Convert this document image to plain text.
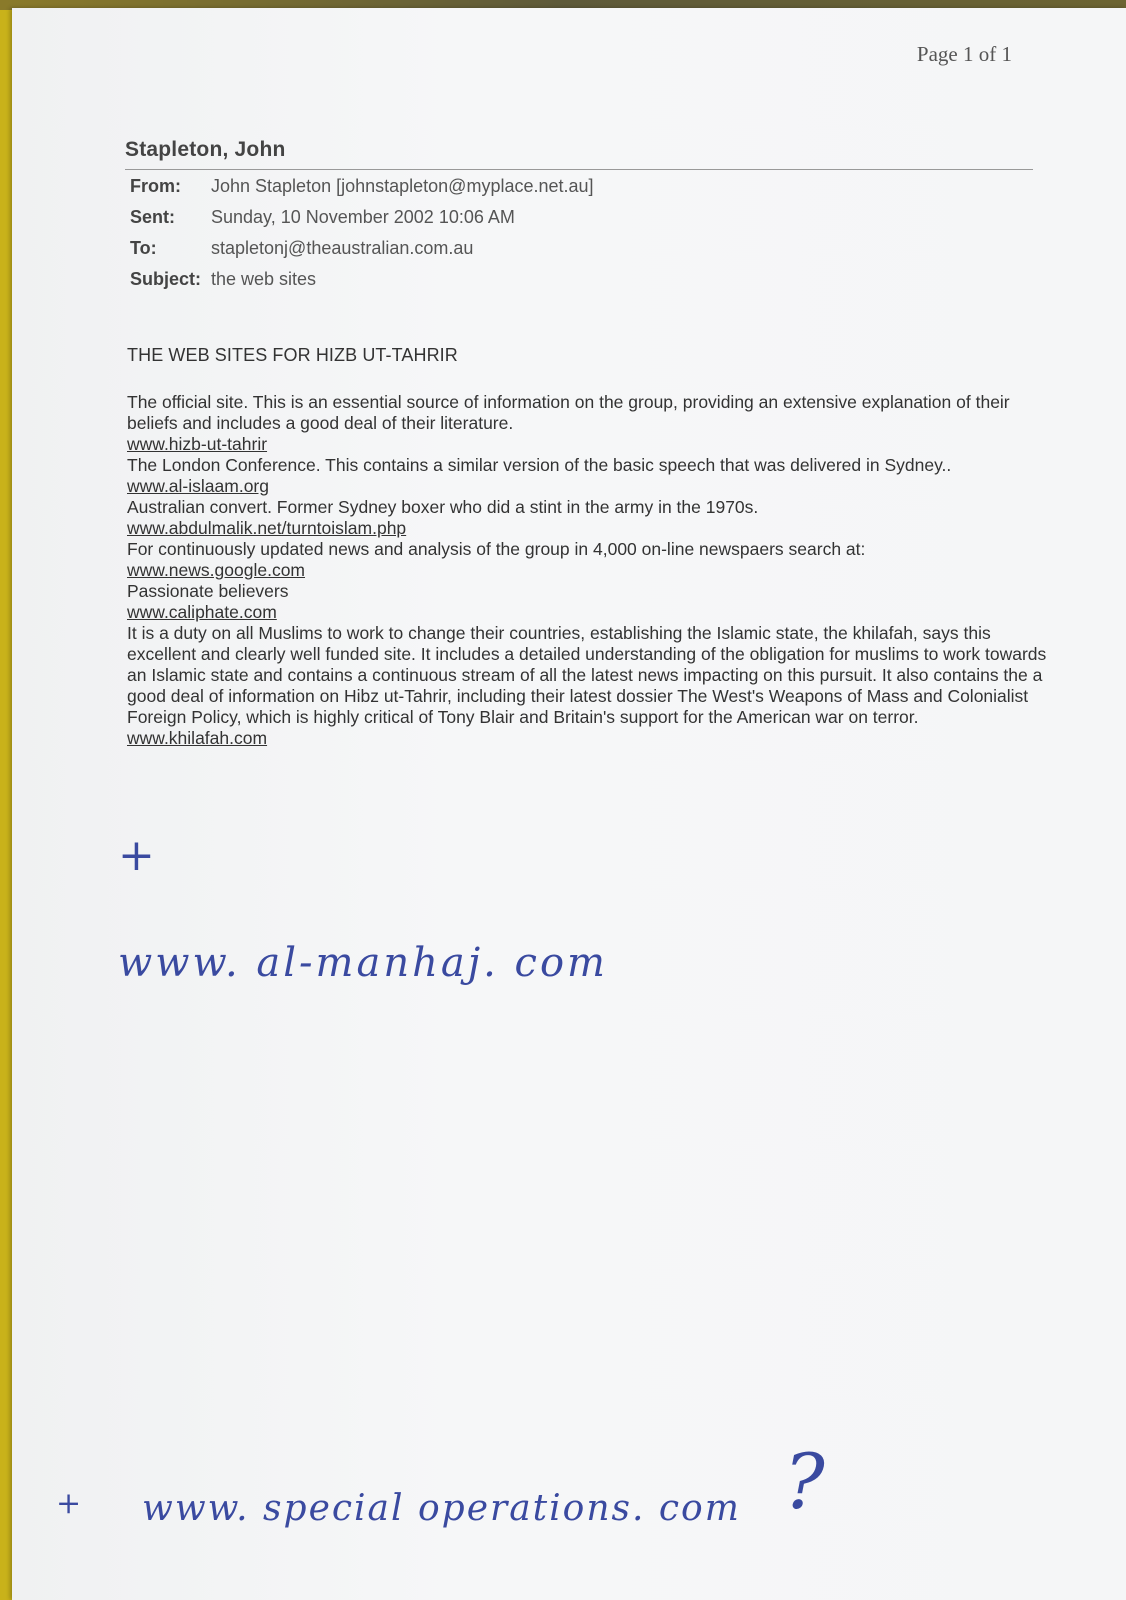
Page 1 of 1
Stapleton, John
From: John Stapleton [johnstapleton@myplace.net.au]
Sent: Sunday, 10 November 2002 10:06 AM
To:	stapletonj@theaustralian.com.au
Subject: the web sites
THE WEB SITES FOR HIZB UT-TAHRIR

The official site. This is an essential source of information on the group, providing an extensive explanation of their beliefs and includes a good deal of their literature.

www.hizb-ut-tahrir

The London Conference. This contains a similar version of the basic speech that was delivered in Sydney..

www.al-islaam.org

Australian convert. Former Sydney boxer who did a stint in the army in the 1970s.

www.abdulmalik.net/turntoislam.php

For continuously updated news and analysis of the group in 4,000 on-line newspaers search at:

www.news.google.com

Passionate believers

www.caliphate.com

It is a duty on all Muslims to work to change their countries, establishing the Islamic state, the khilafah, says this excellent and clearly well funded site. It includes a detailed understanding of the obligation for muslims to work towards an Islamic state and contains a continuous stream of all the latest news impacting on this pursuit. It also contains the a good deal of information on Hibz ut-Tahrir, including their latest dossier The West's Weapons of Mass and Colonialist Foreign Policy, which is highly critical of Tony Blair and Britain's support for the American war on terror.

www.khilafah.com
+
www. al-manhaj. com
+ www. special operations. com ?
